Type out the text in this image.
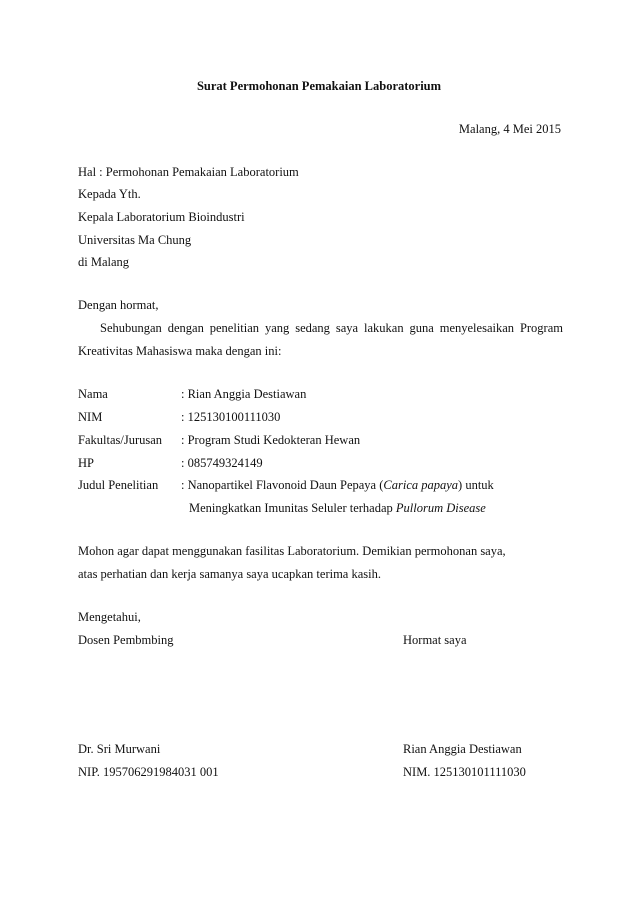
Surat Permohonan Pemakaian Laboratorium
Malang, 4 Mei 2015
Hal : Permohonan Pemakaian Laboratorium
Kepada Yth.
Kepala Laboratorium Bioindustri
Universitas Ma Chung
di Malang
Dengan hormat,
Sehubungan dengan penelitian yang sedang saya lakukan guna menyelesaikan Program
Kreativitas Mahasiswa maka dengan ini:
Nama	: Rian Anggia Destiawan
NIM	: 125130100111030
Fakultas/Jurusan : Program Studi Kedokteran Hewan
HP	: 085749324149
Judul Penelitian : Nanopartikel Flavonoid Daun Pepaya (Carica papaya) untuk
Meningkatkan Imunitas Seluler terhadap Pullorum Disease
Mohon agar dapat menggunakan fasilitas Laboratorium. Demikian permohonan saya,
atas perhatian dan kerja samanya saya ucapkan terima kasih.
Mengetahui,
Dosen Pembmbing	Hormat saya
Dr. Sri Murwani	Rian Anggia Destiawan
NIP. 195706291984031 001	NIM. 125130101111030
